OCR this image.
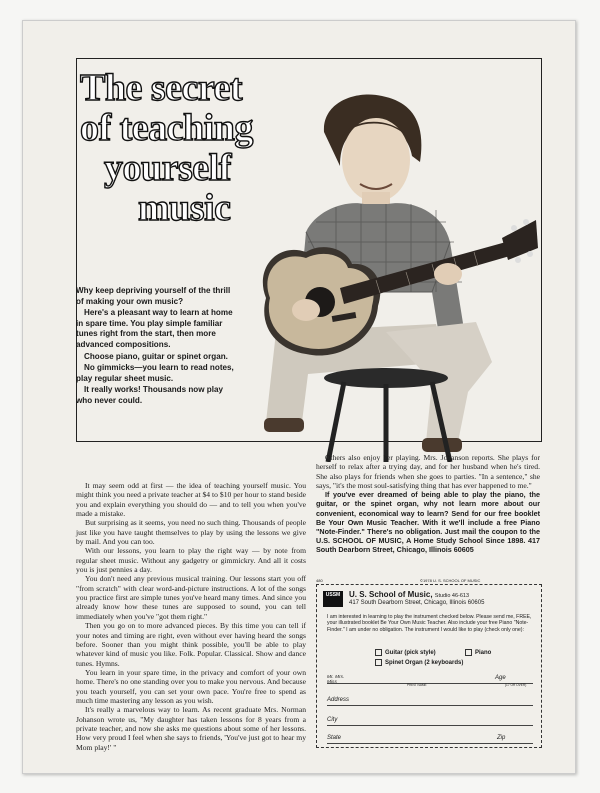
The secret
of teaching
yourself
music

Why keep depriving yourself of the thrill of making your own music?

Here's a pleasant way to learn at home in spare time. You play simple familiar tunes right from the start, then more advanced compositions.

Choose piano, guitar or spinet organ.

No gimmicks—you learn to read notes, play regular sheet music.

It really works! Thousands now play who never could.

It may seem odd at first — the idea of teaching yourself music. You might think you need a private teacher at $4 to $10 per hour to stand beside you and explain everything you should do — and to tell you when you've made a mistake.

But surprising as it seems, you need no such thing. Thousands of people just like you have taught themselves to play by using the lessons we give by mail. And you can too.

With our lessons, you learn to play the right way — by note from regular sheet music. Without any gadgetry or gimmickry. And all it costs you is just pennies a day.

You don't need any previous musical training. Our lessons start you off "from scratch" with clear word-and-picture instructions. A lot of the songs you practice first are simple tunes you've heard many times. And since you already know how these tunes are supposed to sound, you can tell immediately when you've "got them right."

Then you go on to more advanced pieces. By this time you can tell if your notes and timing are right, even without ever having heard the songs before. Sooner than you might think possible, you'll be able to play whatever kind of music you like. Folk. Popular. Classical. Show and dance tunes. Hymns.

You learn in your spare time, in the privacy and comfort of your own home. There's no one standing over you to make you nervous. And because you teach yourself, you can set your own pace. You're free to spend as much time mastering any lesson as you wish.

It's really a marvelous way to learn. As recent graduate Mrs. Norman Johanson wrote us, "My daughter has taken lessons for 8 years from a private teacher, and now she asks me questions about some of her lessons. How very proud I feel when she says to friends, 'You've just got to hear my Mom play!' "

Others also enjoy her playing. Mrs. Johanson reports. She plays for herself to relax after a trying day, and for her husband when he's tired. She also plays for friends when she goes to parties. "In a sentence," she says, "it's the most soul-satisfying thing that has ever happened to me."

If you've ever dreamed of being able to play the piano, the guitar, or the spinet organ, why not learn more about our convenient, economical way to learn? Send for our free booklet Be Your Own Music Teacher. With it we'll include a free Piano "Note-Finder." There's no obligation. Just mail the coupon to the U.S. SCHOOL OF MUSIC, A Home Study School Since 1898. 417 South Dearborn Street, Chicago, Illinois 60605

480	©1978 U. S. SCHOOL OF MUSIC
USSM	U. S. School of Music, Studio 46-613
417 South Dearborn Street, Chicago, Illinois 60605
I am interested in learning to play the instrument checked below. Please send me, FREE, your illustrated booklet Be Your Own Music Teacher. Also include your free Piano "Note-Finder." I am under no obligation. The instrument I would like to play (check only one):
Guitar (pick style)	Piano
Spinet Organ (2 keyboards)
Mr. Mrs. Miss	PRINT NAME
Age
(17 OR OVER)
Address
City
State	Zip
